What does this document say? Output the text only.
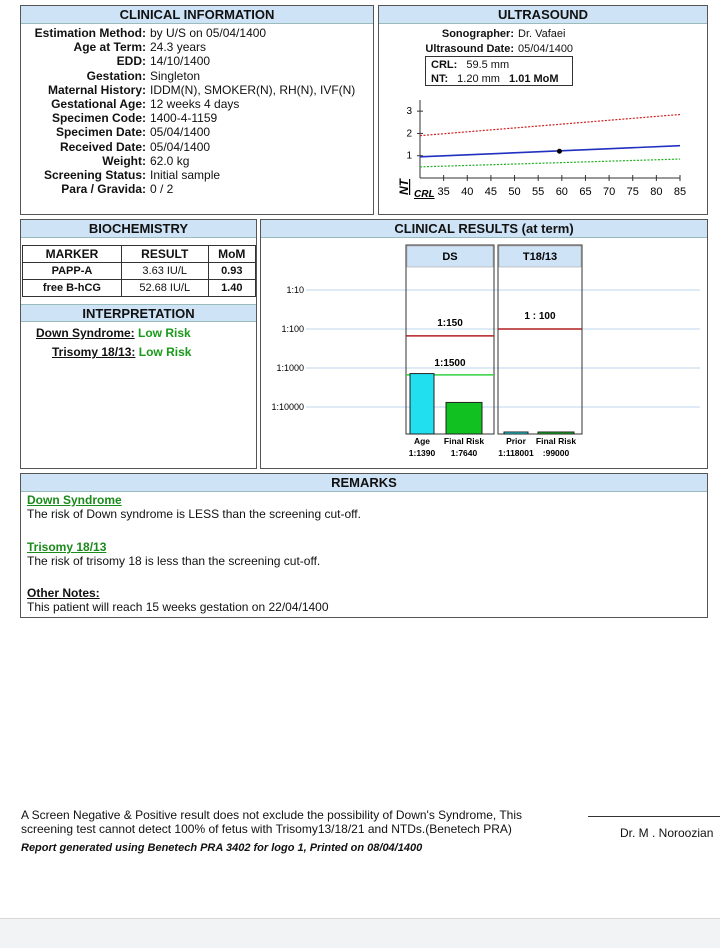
CLINICAL INFORMATION
Estimation Method: by U/S on 05/04/1400
Age at Term: 24.3 years
EDD: 14/10/1400
Gestation: Singleton
Maternal History: IDDM(N), SMOKER(N), RH(N), IVF(N)
Gestational Age: 12 weeks 4 days
Specimen Code: 1400-4-1159
Specimen Date: 05/04/1400
Received Date: 05/04/1400
Weight: 62.0 kg
Screening Status: Initial sample
Para / Gravida: 0 / 2
ULTRASOUND
Sonographer: Dr. Vafaei
Ultrasound Date: 05/04/1400
CRL: 59.5 mm
NT: 1.20 mm 1.01 MoM
1
2
3
35 40 45 50 55 60 65 70 75 80 85
NT CRL
BIOCHEMISTRY
MARKER	RESULT	MoM
PAPP-A	3.63 IU/L	0.93
free B-hCG	52.68 IU/L	1.40
INTERPRETATION
Down Syndrome: Low Risk
Trisomy 18/13: Low Risk
CLINICAL RESULTS (at term)
1:10
1:100
1:1000
1:10000
DS
1:150
1:1500
Age
1:1390
Final Risk
1:7640
T18/13
1 : 100
Prior
1:118001
Final Risk
:99000
REMARKS
Down Syndrome
The risk of Down syndrome is LESS than the screening cut-off.
Trisomy 18/13
The risk of trisomy 18 is less than the screening cut-off.
Other Notes:
This patient will reach 15 weeks gestation on 22/04/1400
A Screen Negative & Positive result does not exclude the possibility of Down's Syndrome, This
screening test cannot detect 100% of fetus with Trisomy13/18/21 and NTDs.(Benetech PRA)
Report generated using Benetech PRA 3402 for logo 1, Printed on 08/04/1400
Dr. M . Noroozian
